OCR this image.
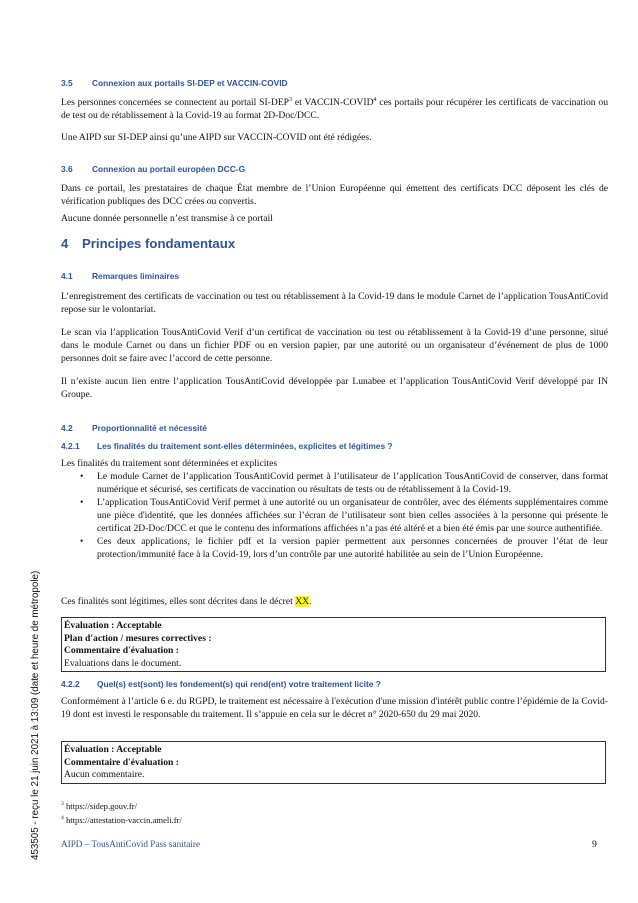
453505 - reçu le 21 juin 2021 à 13:09 (date et heure de métropole)
3.5 Connexion aux portails SI-DEP et VACCIN-COVID

Les personnes concernées se connectent au portail SI-DEP$^3$ et VACCIN-COVID$^4$ ces portails pour récupérer les certificats de vaccination ou de test ou de rétablissement à la Covid-19 au format 2D-Doc/DCC.

Une AIPD sur SI-DEP ainsi qu’une AIPD sur VACCIN-COVID ont été rédigées.

3.6 Connexion au portail européen DCC-G

Dans ce portail, les prestataires de chaque État membre de l’Union Européenne qui émettent des certificats DCC déposent les clés de vérification publiques des DCC crées ou convertis.

Aucune donnée personnelle n’est transmise à ce portail

4 Principes fondamentaux
4.1 Remarques liminaires

L’enregistrement des certificats de vaccination ou test ou rétablissement à la Covid-19 dans le module Carnet de l’application TousAntiCovid repose sur le volontariat.

Le scan via l’application TousAntiCovid Verif d’un certificat de vaccination ou test ou rétablissement à la Covid-19 d’une personne, situé dans le module Carnet ou dans un fichier PDF ou en version papier, par une autorité ou un organisateur d’événement de plus de 1000 personnes doit se faire avec l’accord de cette personne.

Il n’existe aucun lien entre l’application TousAntiCovid développée par Lunabee et l’application TousAntiCovid Verif développé par IN Groupe.

4.2 Proportionnalité et nécessité
4.2.1 Les finalités du traitement sont-elles déterminées, explicites et légitimes ?

Les finalités du traitement sont déterminées et explicites

• Le module Carnet de l’application TousAntiCovid permet à l’utilisateur de l’application TousAntiCovid de conserver, dans format numérique et sécurisé, ses certificats de vaccination ou résultats de tests ou de rétablissement à la Covid-19.
• L’application TousAntiCovid Verif permet à une autorité ou un organisateur de contrôler, avec des éléments supplémentaires comme une pièce d'identité, que les données affichées sur l’écran de l’utilisateur sont bien celles associées à la personne qui présente le certificat 2D-Doc/DCC et que le contenu des informations affichées n’a pas été altéré et a bien été émis par une source authentifiée.
• Ces deux applications, le fichier pdf et la version papier permettent aux personnes concernées de prouver l’état de leur protection/immunité face à la Covid-19, lors d’un contrôle par une autorité habilitée au sein de l’Union Européenne.

Ces finalités sont légitimes, elles sont décrites dans le décret XX.

Évaluation : Acceptable
Plan d'action / mesures correctives :
Commentaire d'évaluation :
Evaluations dans le document.
4.2.2 Quel(s) est(sont) les fondement(s) qui rend(ent) votre traitement licite ?

Conformément à l’article 6 e. du RGPD, le traitement est nécessaire à l'exécution d'une mission d'intérêt public contre l’épidémie de la Covid-19 dont est investi le responsable du traitement. Il s’appuie en cela sur le décret n° 2020-650 du 29 mai 2020.

Évaluation : Acceptable
Commentaire d'évaluation :
Aucun commentaire.

$^3$ https://sidep.gouv.fr/

$^4$ https://attestation-vaccin.ameli.fr/

AIPD – TousAntiCovid Pass sanitaire	9
